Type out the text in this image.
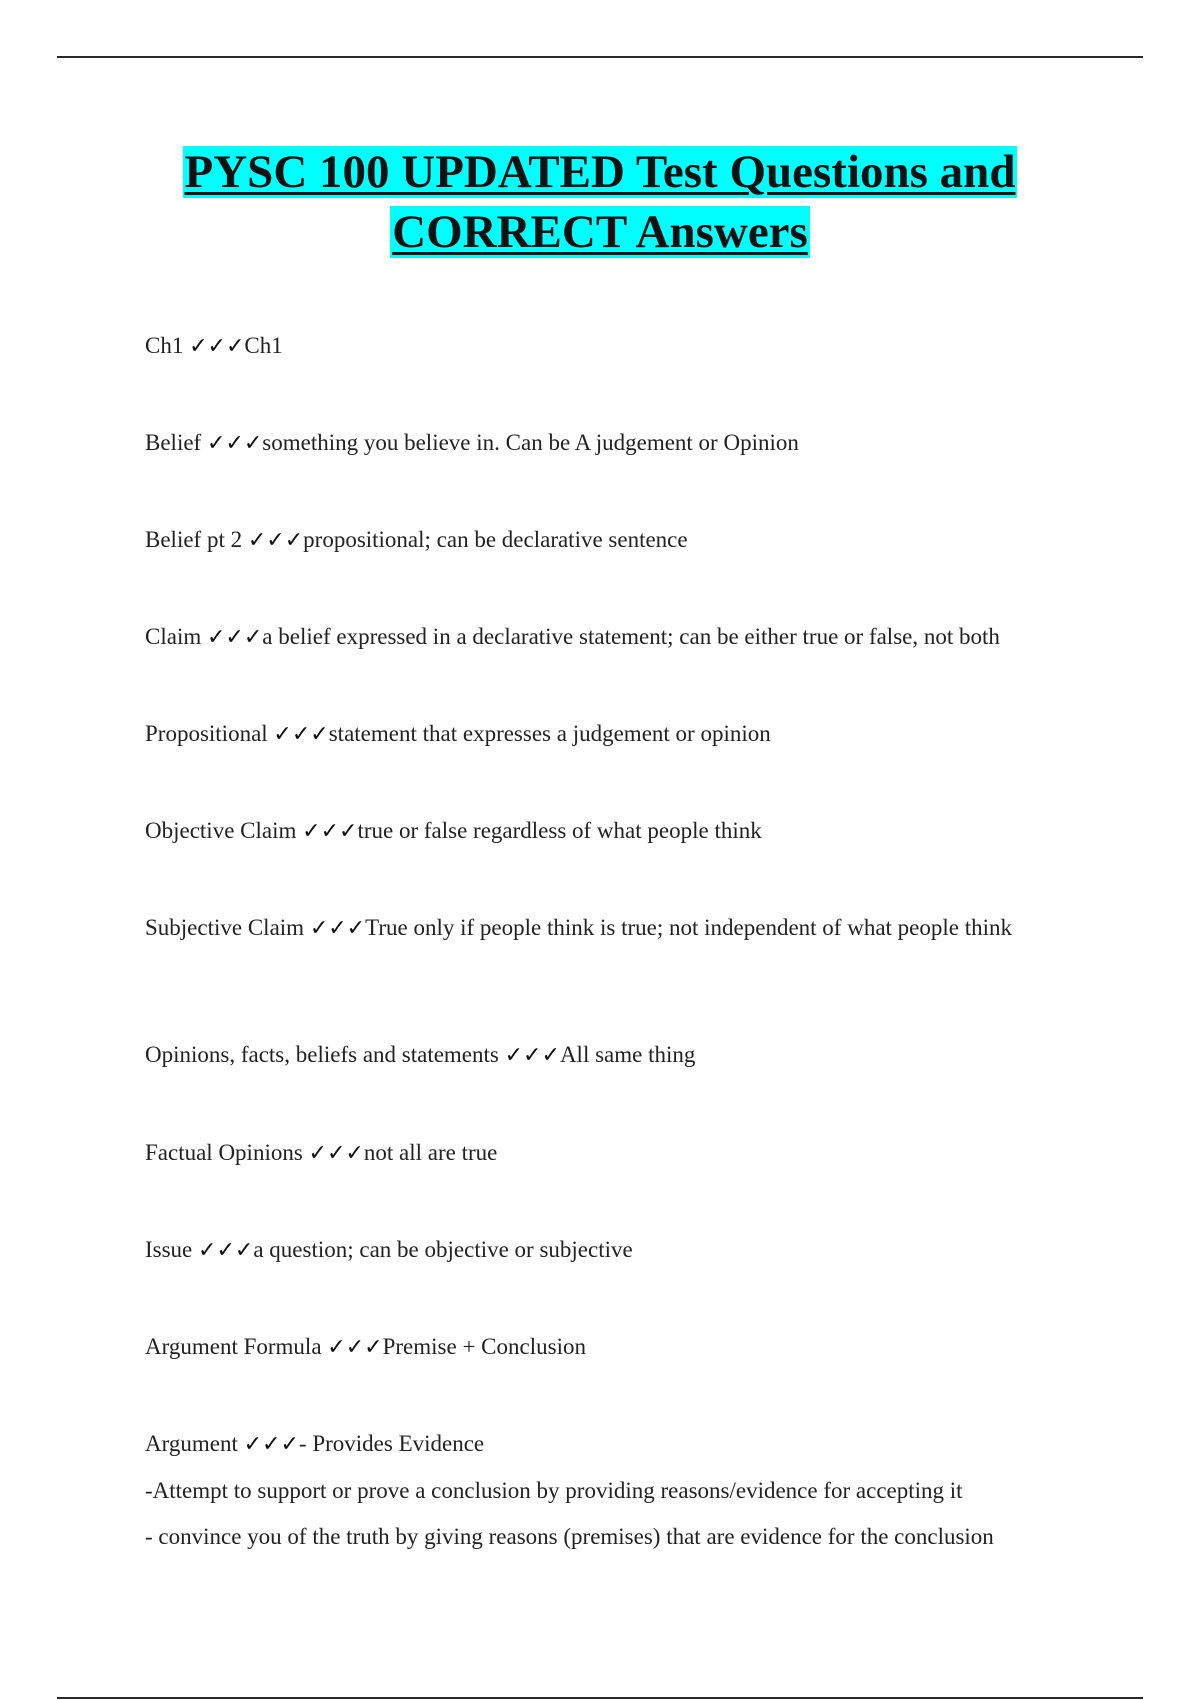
PYSC 100 UPDATED Test Questions and
CORRECT Answers

Ch1 ✓✓✓Ch1

Belief ✓✓✓something you believe in. Can be A judgement or Opinion

Belief pt 2 ✓✓✓propositional; can be declarative sentence

Claim ✓✓✓a belief expressed in a declarative statement; can be either true or false, not both

Propositional ✓✓✓statement that expresses a judgement or opinion

Objective Claim ✓✓✓true or false regardless of what people think

Subjective Claim ✓✓✓True only if people think is true; not independent of what people think

Opinions, facts, beliefs and statements ✓✓✓All same thing

Factual Opinions ✓✓✓not all are true

Issue ✓✓✓a question; can be objective or subjective

Argument Formula ✓✓✓Premise + Conclusion

Argument ✓✓✓- Provides Evidence
-Attempt to support or prove a conclusion by providing reasons/evidence for accepting it
- convince you of the truth by giving reasons (premises) that are evidence for the conclusion
